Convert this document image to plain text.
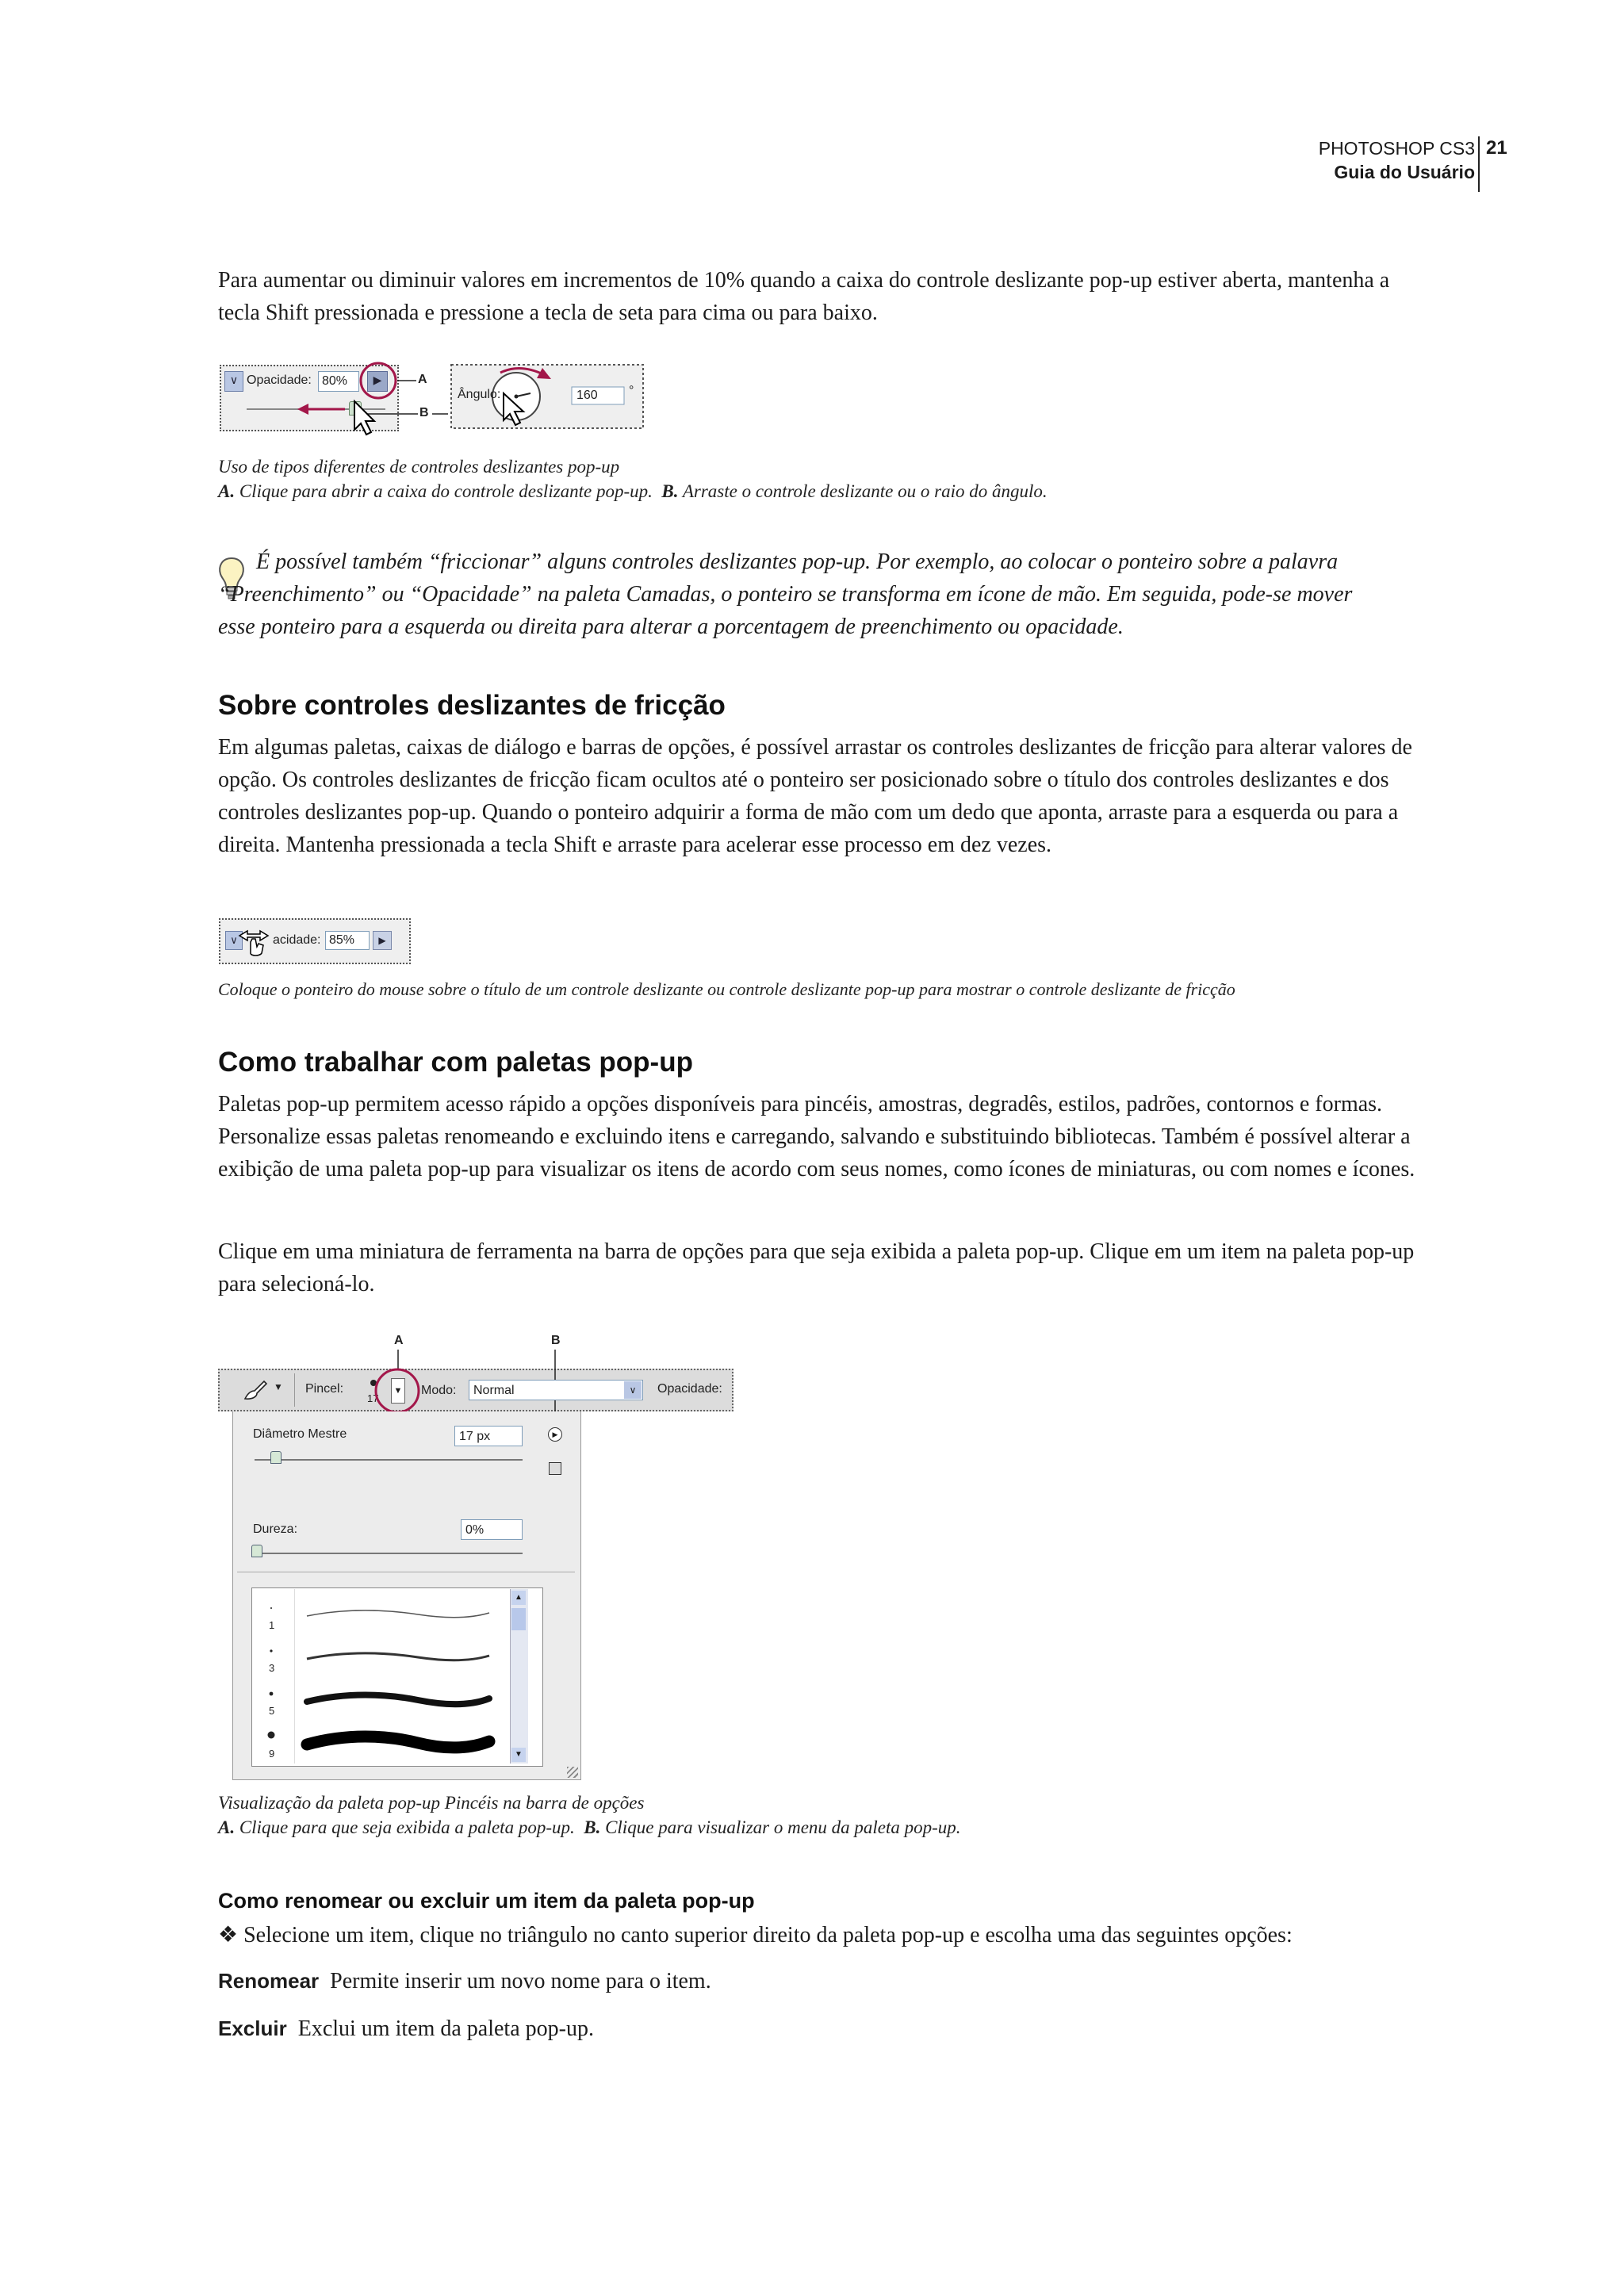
PHOTOSHOP CS3
Guia do Usuário
21

Para aumentar ou diminuir valores em incrementos de 10% quando a caixa do controle deslizante pop-up estiver aberta, mantenha a tecla Shift pressionada e pressione a tecla de seta para cima ou para baixo.

∨ Opacidade: 80%	▶	A
B
Ângulo:	160 °
Uso de tipos diferentes de controles deslizantes pop-up
A. Clique para abrir a caixa do controle deslizante pop-up. B. Arraste o controle deslizante ou o raio do ângulo.

É possível também “friccionar” alguns controles deslizantes pop-up. Por exemplo, ao colocar o ponteiro sobre a palavra “Preenchimento” ou “Opacidade” na paleta Camadas, o ponteiro se transforma em ícone de mão. Em seguida, pode-se mover esse ponteiro para a esquerda ou direita para alterar a porcentagem de preenchimento ou opacidade.

Sobre controles deslizantes de fricção

Em algumas paletas, caixas de diálogo e barras de opções, é possível arrastar os controles deslizantes de fricção para alterar valores de opção. Os controles deslizantes de fricção ficam ocultos até o ponteiro ser posicionado sobre o título dos controles deslizantes e dos controles deslizantes pop-up. Quando o ponteiro adquirir a forma de mão com um dedo que aponta, arraste para a esquerda ou para a direita. Mantenha pressionada a tecla Shift e arraste para acelerar esse processo em dez vezes.

∨	acidade: 85%	▶
Coloque o ponteiro do mouse sobre o título de um controle deslizante ou controle deslizante pop-up para mostrar o controle deslizante de fricção
Como trabalhar com paletas pop-up

Paletas pop-up permitem acesso rápido a opções disponíveis para pincéis, amostras, degradês, estilos, padrões, contornos e formas. Personalize essas paletas renomeando e excluindo itens e carregando, salvando e substituindo bibliotecas. Também é possível alterar a exibição de uma paleta pop-up para visualizar os itens de acordo com seus nomes, como ícones de miniaturas, ou com nomes e ícones.

Clique em uma miniatura de ferramenta na barra de opções para que seja exibida a paleta pop-up. Clique em um item na paleta pop-up para selecioná-lo.

A	B
▼ Pincel:
17
▼ Modo:	Normal	∨	Opacidade:
Diâmetro Mestre	17 px	▶
Dureza:	0%
▲
▼
1
3
5
9
Visualização da paleta pop-up Pincéis na barra de opções
A. Clique para que seja exibida a paleta pop-up. B. Clique para visualizar o menu da paleta pop-up.
Como renomear ou excluir um item da paleta pop-up
❖ Selecione um item, clique no triângulo no canto superior direito da paleta pop-up e escolha uma das seguintes opções:
Renomear Permite inserir um novo nome para o item.
Excluir Exclui um item da paleta pop-up.
